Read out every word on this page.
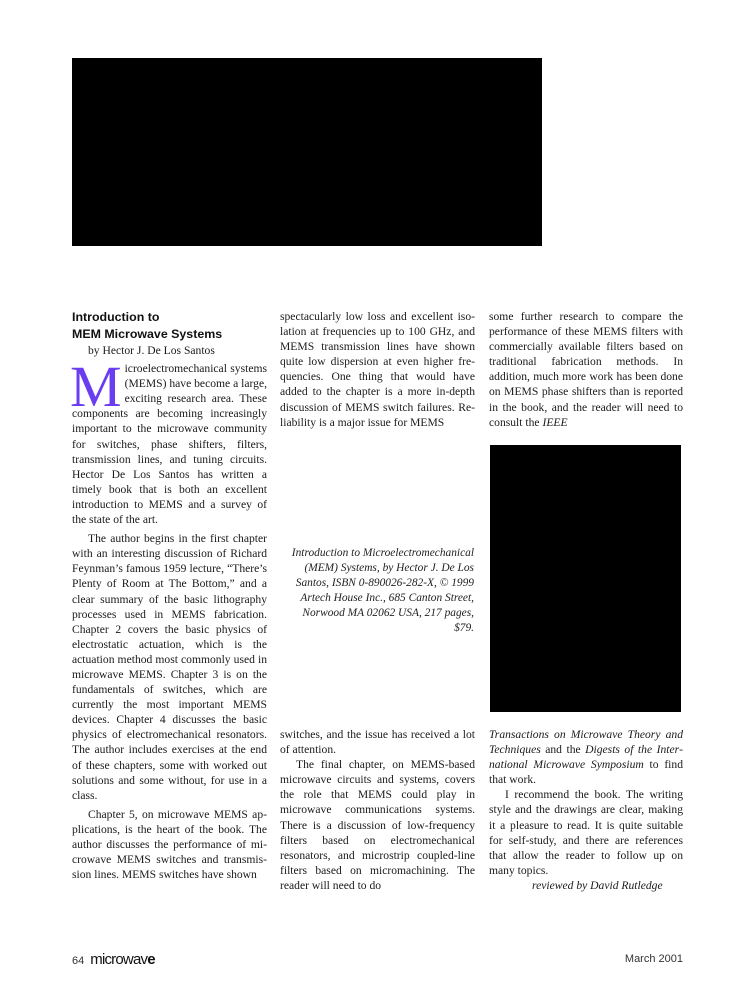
Introduction to
MEM Microwave Systems

by Hector J. De Los Santos

Microelectromechanical systems (MEMS) have become a large, exciting research area. These components are becoming increasingly important to the microwave community for switches, phase shifters, filters, transmission lines, and tuning circuits. Hector De Los Santos has written a timely book that is both an excellent introduction to MEMS and a survey of the state of the art.

The author begins in the first chapter with an interesting discussion of Richard Feynman’s famous 1959 lecture, “There’s Plenty of Room at The Bottom,” and a clear summary of the basic lithography processes used in MEMS fabrication. Chapter 2 covers the basic physics of electrostatic actuation, which is the actuation method most commonly used in microwave MEMS. Chapter 3 is on the fundamentals of switches, which are currently the most important MEMS devices. Chapter 4 discusses the basic physics of electromechanical resonators. The author includes exercises at the end of these chapters, some with worked out solutions and some without, for use in a class.

Chapter 5, on microwave MEMS applications, is the heart of the book. The author discusses the performance of microwave MEMS switches and transmission lines. MEMS switches have shown

spectacularly low loss and excellent isolation at frequencies up to 100 GHz, and MEMS transmission lines have shown quite low dispersion at even higher frequencies. One thing that would have added to the chapter is a more in-depth discussion of MEMS switch failures. Reliability is a major issue for MEMS

Introduction to Microelectromechanical
(MEM) Systems, by Hector J. De Los
Santos, ISBN 0-890026-282-X, © 1999
Artech House Inc., 685 Canton Street,
Norwood MA 02062 USA, 217 pages, $79.

switches, and the issue has received a lot of attention.

The final chapter, on MEMS-based microwave circuits and systems, covers the role that MEMS could play in microwave communications systems. There is a discussion of low-frequency filters based on electromechanical resonators, and microstrip coupled-line filters based on micromachining. The reader will need to do

some further research to compare the performance of these MEMS filters with commercially available filters based on traditional fabrication methods. In addition, much more work has been done on MEMS phase shifters than is reported in the book, and the reader will need to consult the IEEE

Transactions on Microwave Theory and Techniques and the Digests of the International Microwave Symposium to find that work.

I recommend the book. The writing style and the drawings are clear, making it a pleasure to read. It is quite suitable for self-study, and there are references that allow the reader to follow up on many topics.

reviewed by David Rutledge

64 microwave	March 2001
